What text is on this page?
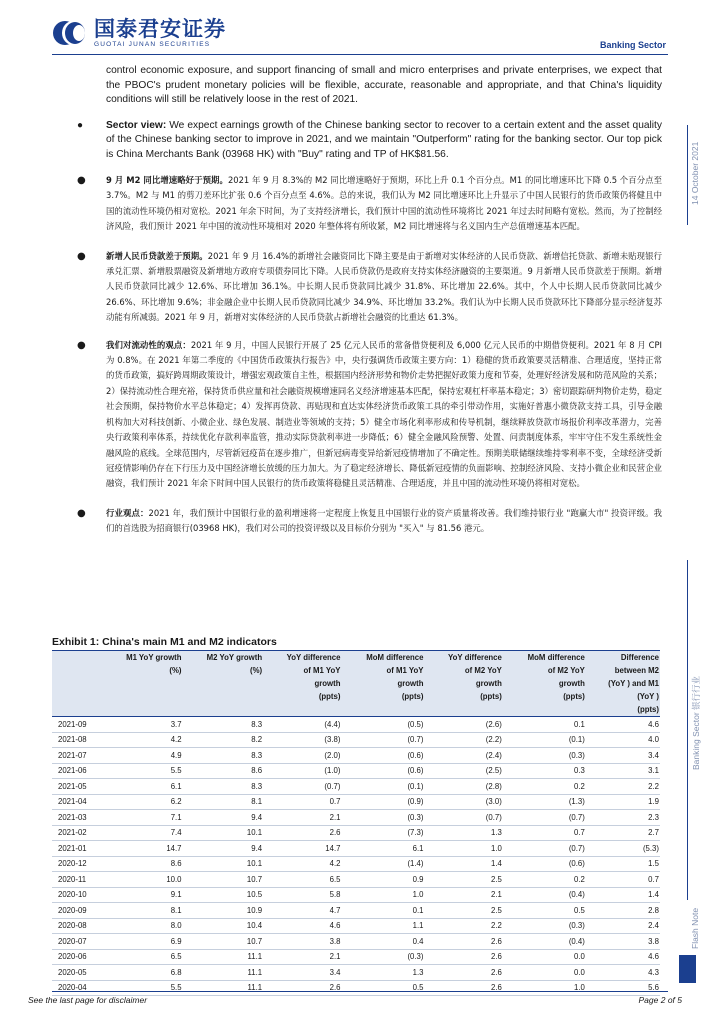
国泰君安证券
GUOTAI JUNAN SECURITIES	Banking Sector

control economic exposure, and support financing of small and micro enterprises and private enterprises, we expect that the PBOC's prudent monetary policies will be flexible, accurate, reasonable and appropriate, and that China's liquidity conditions will still be relatively loose in the rest of 2021.

● Sector view: We expect earnings growth of the Chinese banking sector to recover to a certain extent and the asset quality of the Chinese banking sector to improve in 2021, and we maintain "Outperform" rating for the banking sector. Our top pick is China Merchants Bank (03968 HK) with "Buy" rating and TP of HK$81.56.
● 9 月 M2 同比增速略好于预期。2021 年 9 月 8.3%的 M2 同比增速略好于预期，环比上升 0.1 个百分点。M1 的同比增速环比下降 0.5 个百分点至 3.7%。M2 与 M1 的剪刀差环比扩张 0.6 个百分点至 4.6%。总的来说，我们认为 M2 同比增速环比上升显示了中国人民银行的货币政策仍将健且中国的流动性环境仍相对宽松。2021 年余下时间，为了支持经济增长，我们预计中国的流动性环境将比 2021 年过去时间略有宽松。然而，为了控制经济风险，我们预计 2021 年中国的流动性环境相对 2020 年整体将有所收紧，M2 同比增速将与名义国内生产总值增速基本匹配。
● 新增人民币贷款差于预期。2021 年 9 月 16.4%的新增社会融资同比下降主要是由于新增对实体经济的人民币贷款、新增信托贷款、新增未贴现银行承兑汇票、新增股票融资及新增地方政府专项债券同比下降。人民币贷款仍是政府支持实体经济融资的主要渠道。9 月新增人民币贷款差于预期。新增人民币贷款同比减少 12.6%、环比增加 36.1%。中长期人民币贷款同比减少 31.8%、环比增加 22.6%。其中，个人中长期人民币贷款同比减少 26.6%、环比增加 9.6%；非金融企业中长期人民币贷款同比减少 34.9%、环比增加 33.2%。我们认为中长期人民币贷款环比下降部分显示经济复苏动能有所减弱。2021 年 9 月，新增对实体经济的人民币贷款占新增社会融资的比重达 61.3%。
● 我们对流动性的观点：2021 年 9 月，中国人民银行开展了 25 亿元人民币的常备借贷便利及 6,000 亿元人民币的中期借贷便利。2021 年 8 月 CPI 为 0.8%。在 2021 年第二季度的《中国货币政策执行报告》中，央行强调货币政策主要方向：1）稳健的货币政策要灵活精准、合理适度，坚持正常的货币政策，搞好跨周期政策设计，增强宏观政策自主性，根据国内经济形势和物价走势把握好政策力度和节奏，处理好经济发展和防范风险的关系；2）保持流动性合理充裕，保持货币供应量和社会融资规模增速同名义经济增速基本匹配，保持宏观杠杆率基本稳定；3）密切跟踪研判物价走势，稳定社会预期，保持物价水平总体稳定；4）发挥再贷款、再贴现和直达实体经济货币政策工具的牵引带动作用，实施好普惠小微贷款支持工具，引导金融机构加大对科技创新、小微企业、绿色发展、制造业等领域的支持；5）健全市场化利率形成和传导机制，继续释放贷款市场报价利率改革潜力，完善央行政策利率体系，持续优化存款利率监管，推动实际贷款利率进一步降低；6）健全金融风险预警、处置、问责制度体系，牢牢守住不发生系统性金融风险的底线。全球范围内，尽管新冠疫苗在逐步推广，但新冠病毒变异给新冠疫情增加了不确定性。预期美联储继续维持零利率不变，全球经济受新冠疫情影响仍存在下行压力及中国经济增长放缓的压力加大。为了稳定经济增长、降低新冠疫情的负面影响、控制经济风险、支持小微企业和民营企业融资，我们预计 2021 年余下时间中国人民银行的货币政策将稳健且灵活精准、合理适度，并且中国的流动性环境仍将相对宽松。
● 行业观点：2021 年，我们预计中国银行业的盈利增速将一定程度上恢复且中国银行业的资产质量将改善。我们维持银行业 "跑赢大市" 投资评级。我们的首选股为招商银行(03968 HK)，我们对公司的投资评级以及目标价分别为 "买入" 与 81.56 港元。
14 October 2021
Banking Sector 银行行业
Flash Note
Exhibit 1: China's main M1 and M2 indicators
	M1 YoY growth	M2 YoY growth	YoY difference	MoM difference	YoY difference	MoM difference	Difference
	(%)	(%)	of M1 YoY	of M1 YoY	of M2 YoY	of M2 YoY	between M2
			growth	growth	growth	growth	(YoY ) and M1
			(ppts)	(ppts)	(ppts)	(ppts)	(YoY )
							(ppts)
2021-09	3.7	8.3	(4.4)	(0.5)	(2.6)	0.1	4.6
2021-08	4.2	8.2	(3.8)	(0.7)	(2.2)	(0.1)	4.0
2021-07	4.9	8.3	(2.0)	(0.6)	(2.4)	(0.3)	3.4
2021-06	5.5	8.6	(1.0)	(0.6)	(2.5)	0.3	3.1
2021-05	6.1	8.3	(0.7)	(0.1)	(2.8)	0.2	2.2
2021-04	6.2	8.1	0.7	(0.9)	(3.0)	(1.3)	1.9
2021-03	7.1	9.4	2.1	(0.3)	(0.7)	(0.7)	2.3
2021-02	7.4	10.1	2.6	(7.3)	1.3	0.7	2.7
2021-01	14.7	9.4	14.7	6.1	1.0	(0.7)	(5.3)
2020-12	8.6	10.1	4.2	(1.4)	1.4	(0.6)	1.5
2020-11	10.0	10.7	6.5	0.9	2.5	0.2	0.7
2020-10	9.1	10.5	5.8	1.0	2.1	(0.4)	1.4
2020-09	8.1	10.9	4.7	0.1	2.5	0.5	2.8
2020-08	8.0	10.4	4.6	1.1	2.2	(0.3)	2.4
2020-07	6.9	10.7	3.8	0.4	2.6	(0.4)	3.8
2020-06	6.5	11.1	2.1	(0.3)	2.6	0.0	4.6
2020-05	6.8	11.1	3.4	1.3	2.6	0.0	4.3
2020-04	5.5	11.1	2.6	0.5	2.6	1.0	5.6
See the last page for disclaimer	Page 2 of 5
